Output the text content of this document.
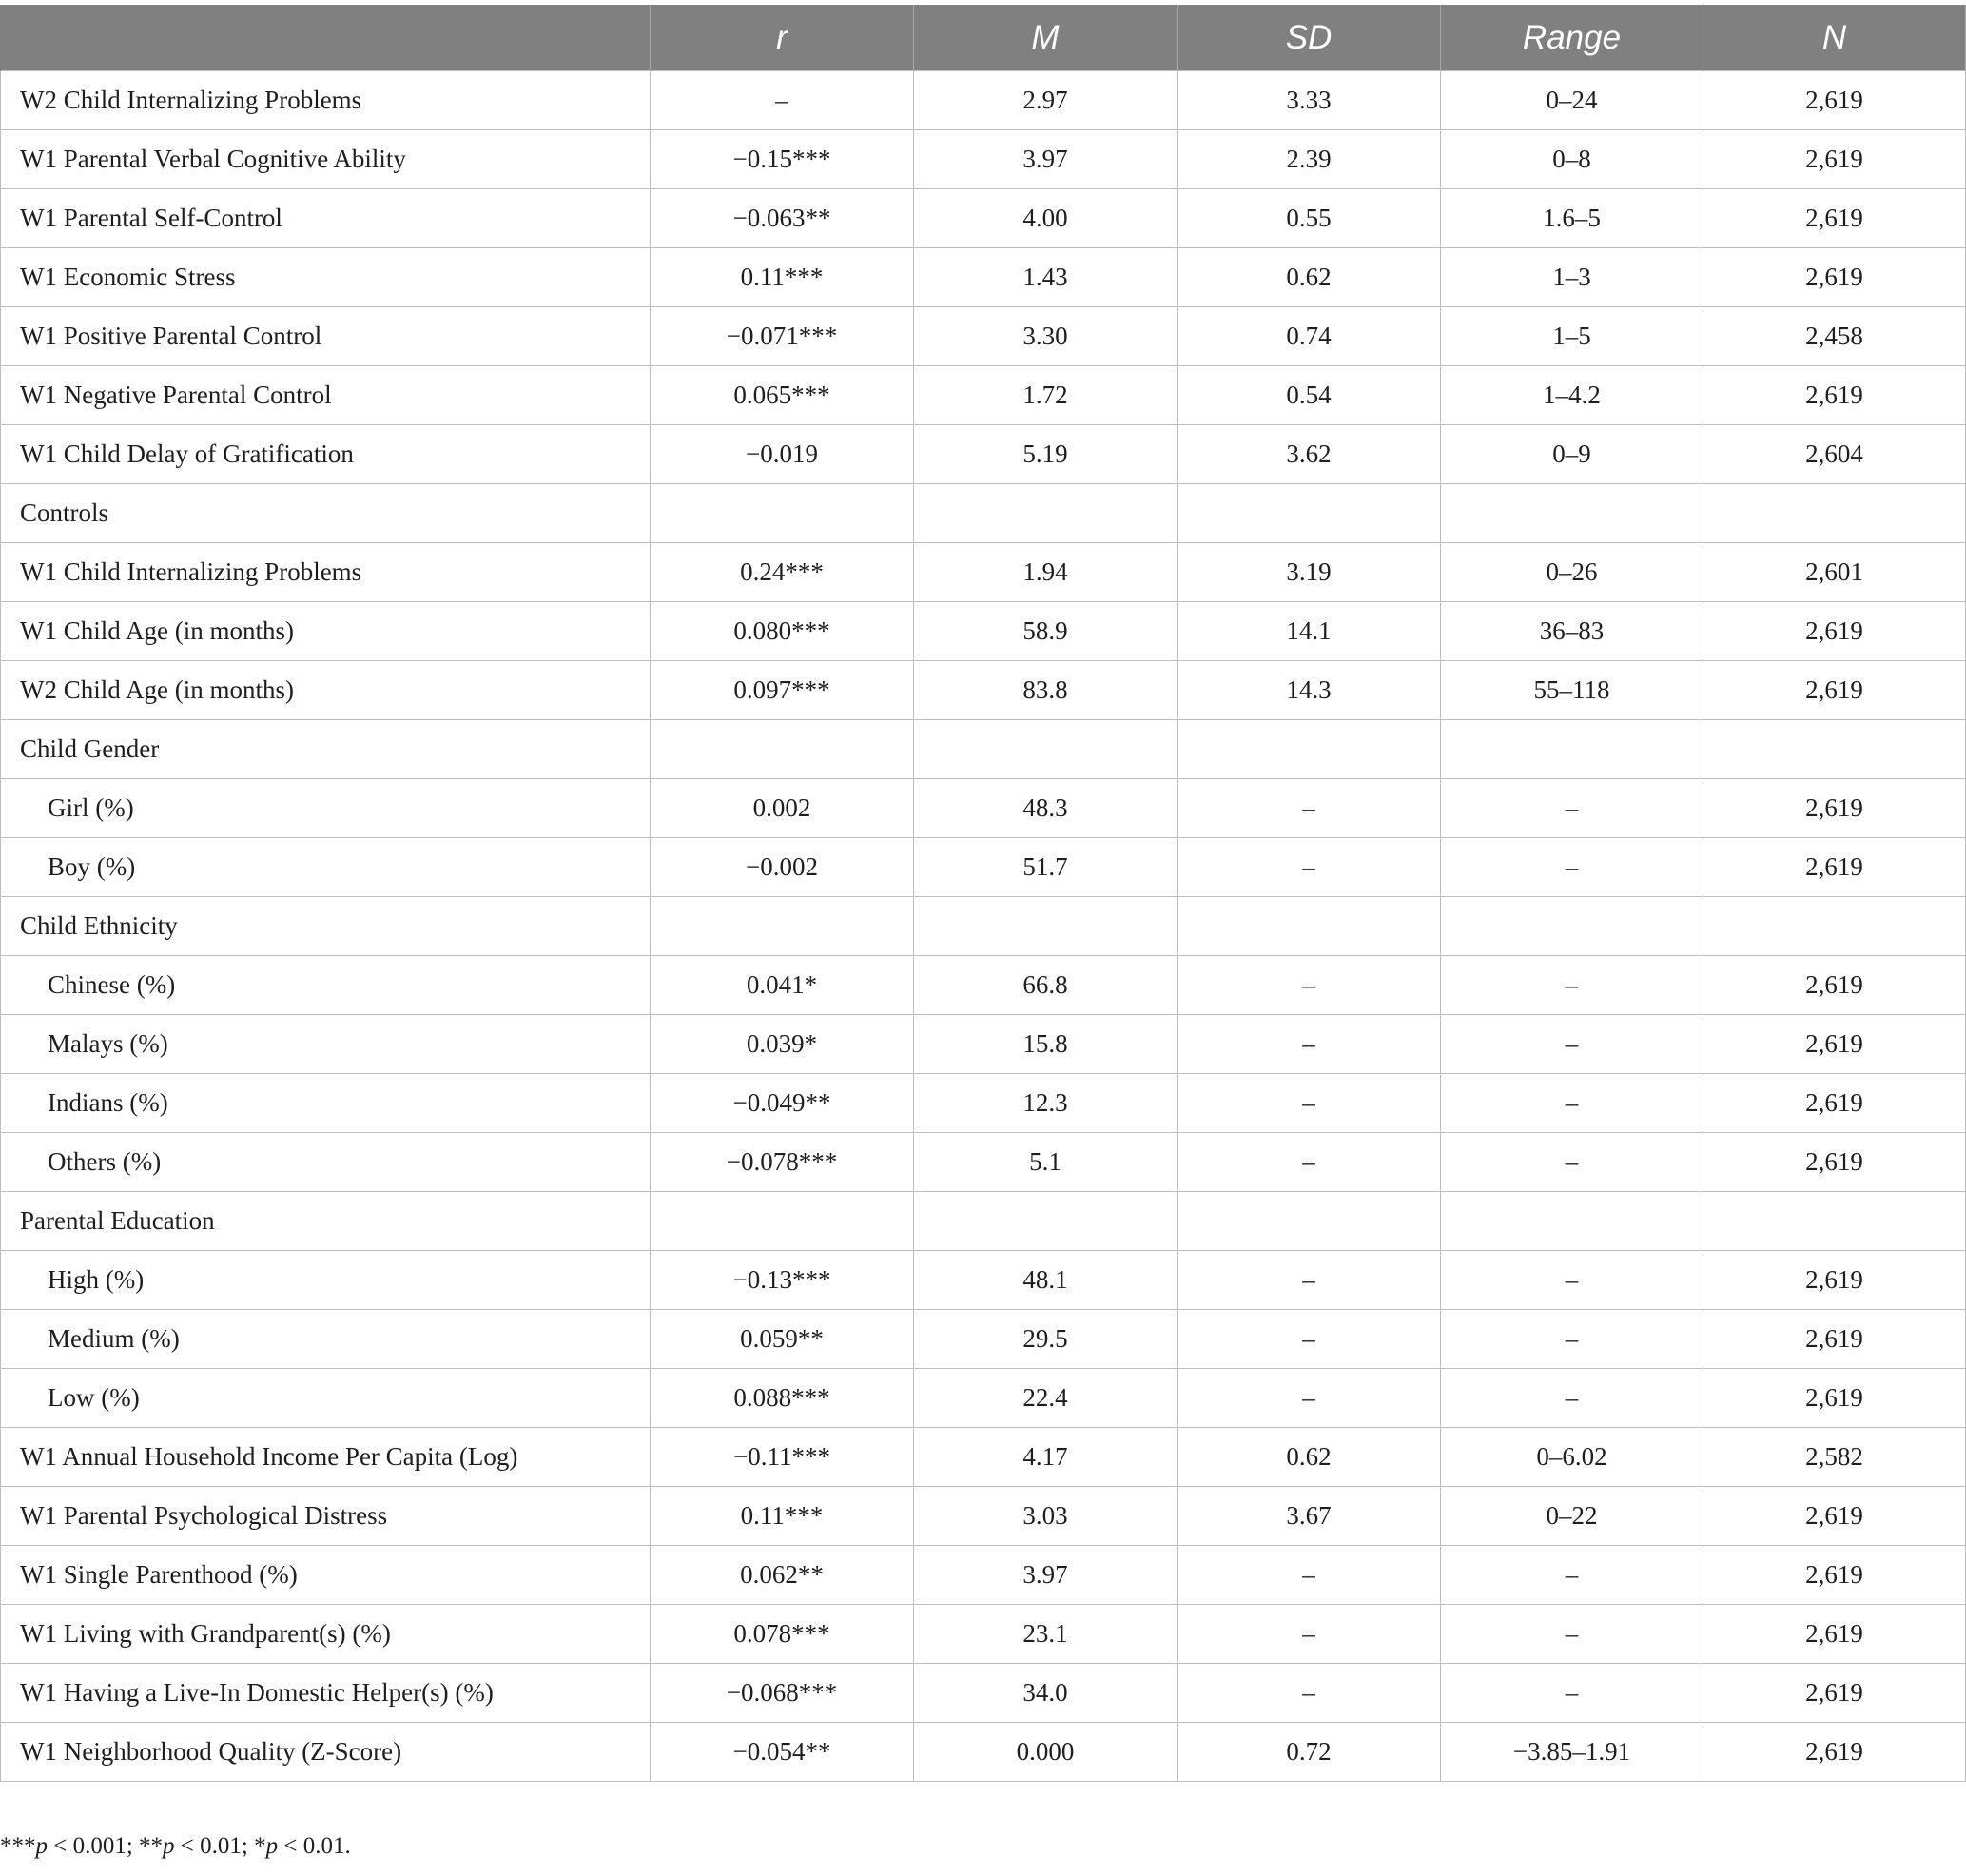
	r	M	SD	Range	N
W2 Child Internalizing Problems	–	2.97	3.33	0–24	2,619
W1 Parental Verbal Cognitive Ability	−0.15***	3.97	2.39	0–8	2,619
W1 Parental Self-Control	−0.063**	4.00	0.55	1.6–5	2,619
W1 Economic Stress	0.11***	1.43	0.62	1–3	2,619
W1 Positive Parental Control	−0.071***	3.30	0.74	1–5	2,458
W1 Negative Parental Control	0.065***	1.72	0.54	1–4.2	2,619
W1 Child Delay of Gratification	−0.019	5.19	3.62	0–9	2,604
Controls					
W1 Child Internalizing Problems	0.24***	1.94	3.19	0–26	2,601
W1 Child Age (in months)	0.080***	58.9	14.1	36–83	2,619
W2 Child Age (in months)	0.097***	83.8	14.3	55–118	2,619
Child Gender					
Girl (%)	0.002	48.3	–	–	2,619
Boy (%)	−0.002	51.7	–	–	2,619
Child Ethnicity					
Chinese (%)	0.041*	66.8	–	–	2,619
Malays (%)	0.039*	15.8	–	–	2,619
Indians (%)	−0.049**	12.3	–	–	2,619
Others (%)	−0.078***	5.1	–	–	2,619
Parental Education					
High (%)	−0.13***	48.1	–	–	2,619
Medium (%)	0.059**	29.5	–	–	2,619
Low (%)	0.088***	22.4	–	–	2,619
W1 Annual Household Income Per Capita (Log)	−0.11***	4.17	0.62	0–6.02	2,582
W1 Parental Psychological Distress	0.11***	3.03	3.67	0–22	2,619
W1 Single Parenthood (%)	0.062**	3.97	–	–	2,619
W1 Living with Grandparent(s) (%)	0.078***	23.1	–	–	2,619
W1 Having a Live-In Domestic Helper(s) (%)	−0.068***	34.0	–	–	2,619
W1 Neighborhood Quality (Z-Score)	−0.054**	0.000	0.72	−3.85–1.91	2,619
***p < 0.001; **p < 0.01; *p < 0.01.
